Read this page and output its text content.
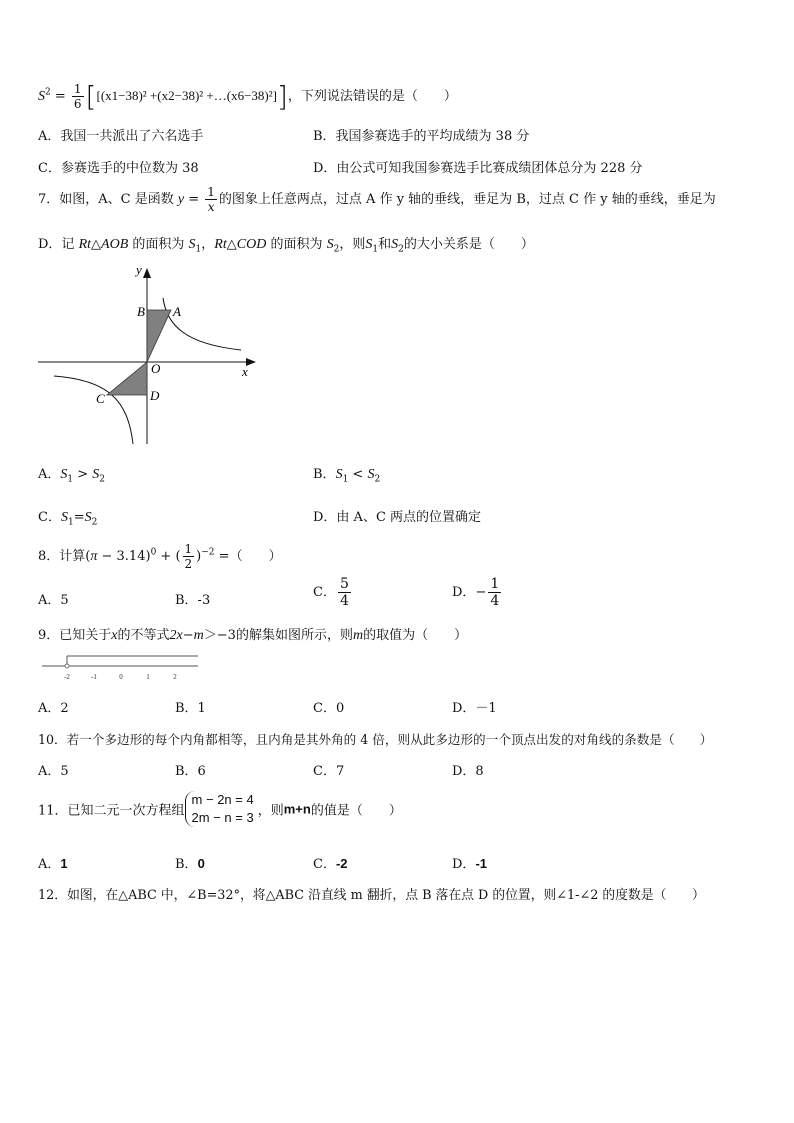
$S^2 = \frac{1}{6} [[(x1-38)^2 +(x2-38)^2$ +…(x6−38)²]]，下列说法错误的是（　　）
A．我国一共派出了六名选手	B．我国参赛选手的平均成绩为 38 分
C．参赛选手的中位数为 38	D．由公式可知我国参赛选手比赛成绩团体总分为 228 分
7．如图，A、C 是函数 $y = \frac{1}{x}$ 的图象上任意两点，过点 A 作 y 轴的垂线，垂足为 B，过点 C 作 y 轴的垂线，垂足为
D．记 Rt△AOB 的面积为 $S_1$，Rt△COD 的面积为 $S_2$，则$S_1$和$S_2$的大小关系是（　　）
y
x
B A
O
C	D
A．$S_1 > S_2$	B．$S_1 < S_2$
C．$S_1=S_2$	D．由 A、C 两点的位置确定
8．计算$(\pi - 3.14)^0$ + ( $\frac{1}{2} )^{-2}$ =（　　）
A．5	B．-3
C． $\frac{5}{4}$	D．− $\frac{1}{4}$
9．已知关于x的不等式2x−m＞−3的解集如图所示，则m的取值为（　　）
-2	-1	0	1	2
A．2	B．1	C．0	D．－1
10．若一个多边形的每个内角都相等，且内角是其外角的 4 倍，则从此多边形的一个顶点出发的对角线的条数是（　　）
A．5	B．6	C．7	D．8
11．已知二元一次方程组m − 2n = 4
2m − n = 3 ，则m+n的值是（　　）
A．1	B．0	C．-2	D．-1
12．如图，在△ABC 中，∠B=32°，将△ABC 沿直线 m 翻折，点 B 落在点 D 的位置，则∠1-∠2 的度数是（　　）
